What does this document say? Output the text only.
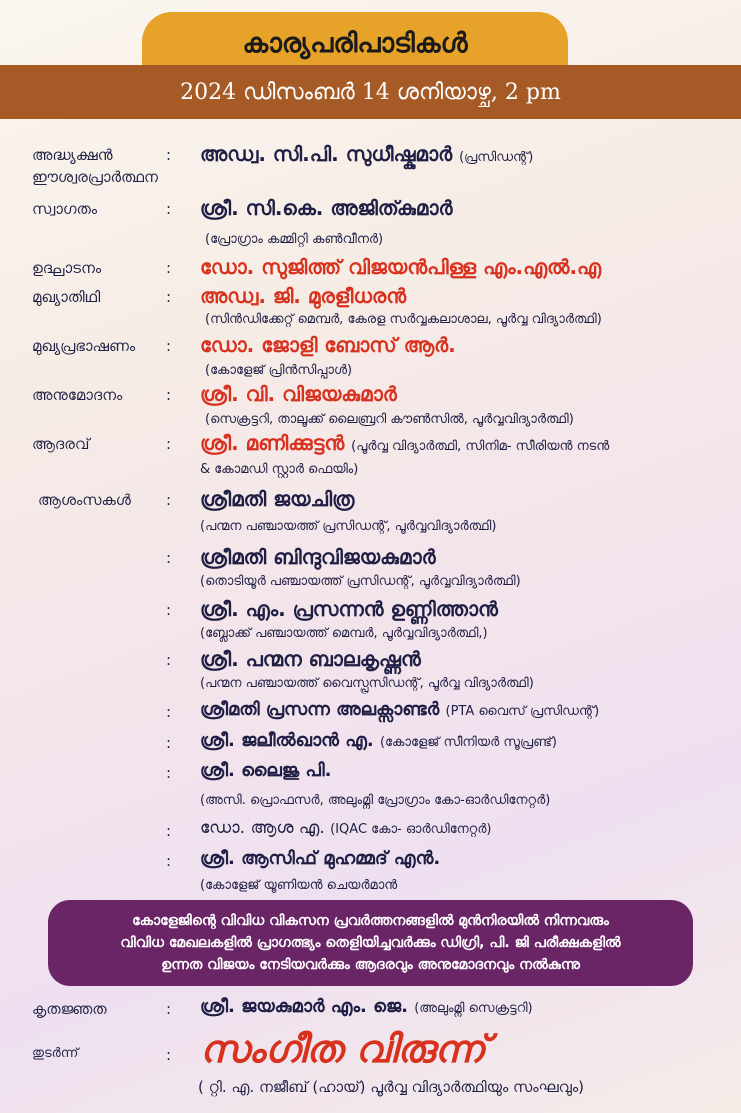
കാര്യപരിപാടികൾ
2024 ഡിസംബർ 14 ശനിയാഴ്ച, 2 pm
അദ്ധ്യക്ഷൻ	: അഡ്വ. സി.പി. സുധീഷ്കുമാർ (പ്രസിഡന്റ്)
ഈശ്വരപ്രാർത്ഥന
സ്വാഗതം	: ശ്രീ. സി.കെ. അജിത്കുമാർ
(പ്രോഗ്രാം കമ്മിറ്റി കൺവീനർ)
ഉദ്ഘാടനം	: ഡോ. സുജിത്ത് വിജയൻപിള്ള എം.എൽ.എ
മുഖ്യാതിഥി	: അഡ്വ. ജി. മുരളീധരൻ
(സിൻഡിക്കേറ്റ് മെമ്പർ, കേരള സർവ്വകലാശാല, പൂർവ്വ വിദ്യാർത്ഥി)
മുഖ്യപ്രഭാഷണം : ഡോ. ജോളി ബോസ് ആർ.
(കോളേജ് പ്രിൻസിപ്പാൾ)
അനുമോദനം	: ശ്രീ. വി. വിജയകുമാർ
(സെക്രട്ടറി, താലൂക്ക് ലൈബ്രറി കൗൺസിൽ, പൂർവ്വവിദ്യാർത്ഥി)
ആദരവ്	: ശ്രീ. മണിക്കുട്ടൻ (പൂർവ്വ വിദ്യാർത്ഥി, സിനിമ- സീരിയൻ നടൻ
& കോമഡി സ്റ്റാർ ഫെയിം)
ആശംസകൾ : ശ്രീമതി ജയചിത്ര
(പന്മന പഞ്ചായത്ത് പ്രസിഡന്റ്, പൂർവ്വവിദ്യാർത്ഥി)
: ശ്രീമതി ബിന്ദുവിജയകുമാർ
(തൊടിയൂർ പഞ്ചായത്ത് പ്രസിഡന്റ്, പൂർവ്വവിദ്യാർത്ഥി)
: ശ്രീ. എം. പ്രസന്നൻ ഉണ്ണിത്താൻ
(ബ്ലോക്ക് പഞ്ചായത്ത് മെമ്പർ, പൂർവ്വവിദ്യാർത്ഥി,)
: ശ്രീ. പന്മന ബാലകൃഷ്ണൻ
(പന്മന പഞ്ചായത്ത് വൈസ്പ്രസിഡന്റ്, പൂർവ്വ വിദ്യാർത്ഥി)
: ശ്രീമതി പ്രസന്ന അലക്സാണ്ടർ (PTA വൈസ് പ്രസിഡന്റ്)
: ശ്രീ. ജലീൽഖാൻ എ. (കോളേജ് സീനിയർ സൂപ്രണ്ട്)
: ശ്രീ. ലൈജു പി.
(അസി. പ്രൊഫസർ, അലുംമ്നി പ്രോഗ്രാം കോ-ഓർഡിനേറ്റർ)
: ഡോ. ആശ എ. (IQAC കോ- ഓർഡിനേറ്റർ)
: ശ്രീ. ആസിഫ് മുഹമ്മദ് എൻ.
(കോളേജ് യൂണിയൻ ചെയർമാൻ
കോളേജിന്റെ വിവിധ വികസന പ്രവർത്തനങ്ങളിൽ മുൻനിരയിൽ നിന്നവരും
വിവിധ മേഖലകളിൽ പ്രാഗത്ഭ്യം തെളിയിച്ചവർക്കും ഡിഗ്രി, പി. ജി പരീക്ഷകളിൽ
ഉന്നത വിജയം നേടിയവർക്കും ആദരവും അനുമോദനവും നൽകുന്നു
കൃതജ്ഞത	: ശ്രീ. ജയകുമാർ എം. ജെ. (അലുംമ്നി സെക്രട്ടറി)
തുടർന്ന്	: സംഗീത വിരുന്ന്
( റ്റി. എ. നജീബ് (ഹായ്) പൂർവ്വ വിദ്യാർത്ഥിയും സംഘവും)
